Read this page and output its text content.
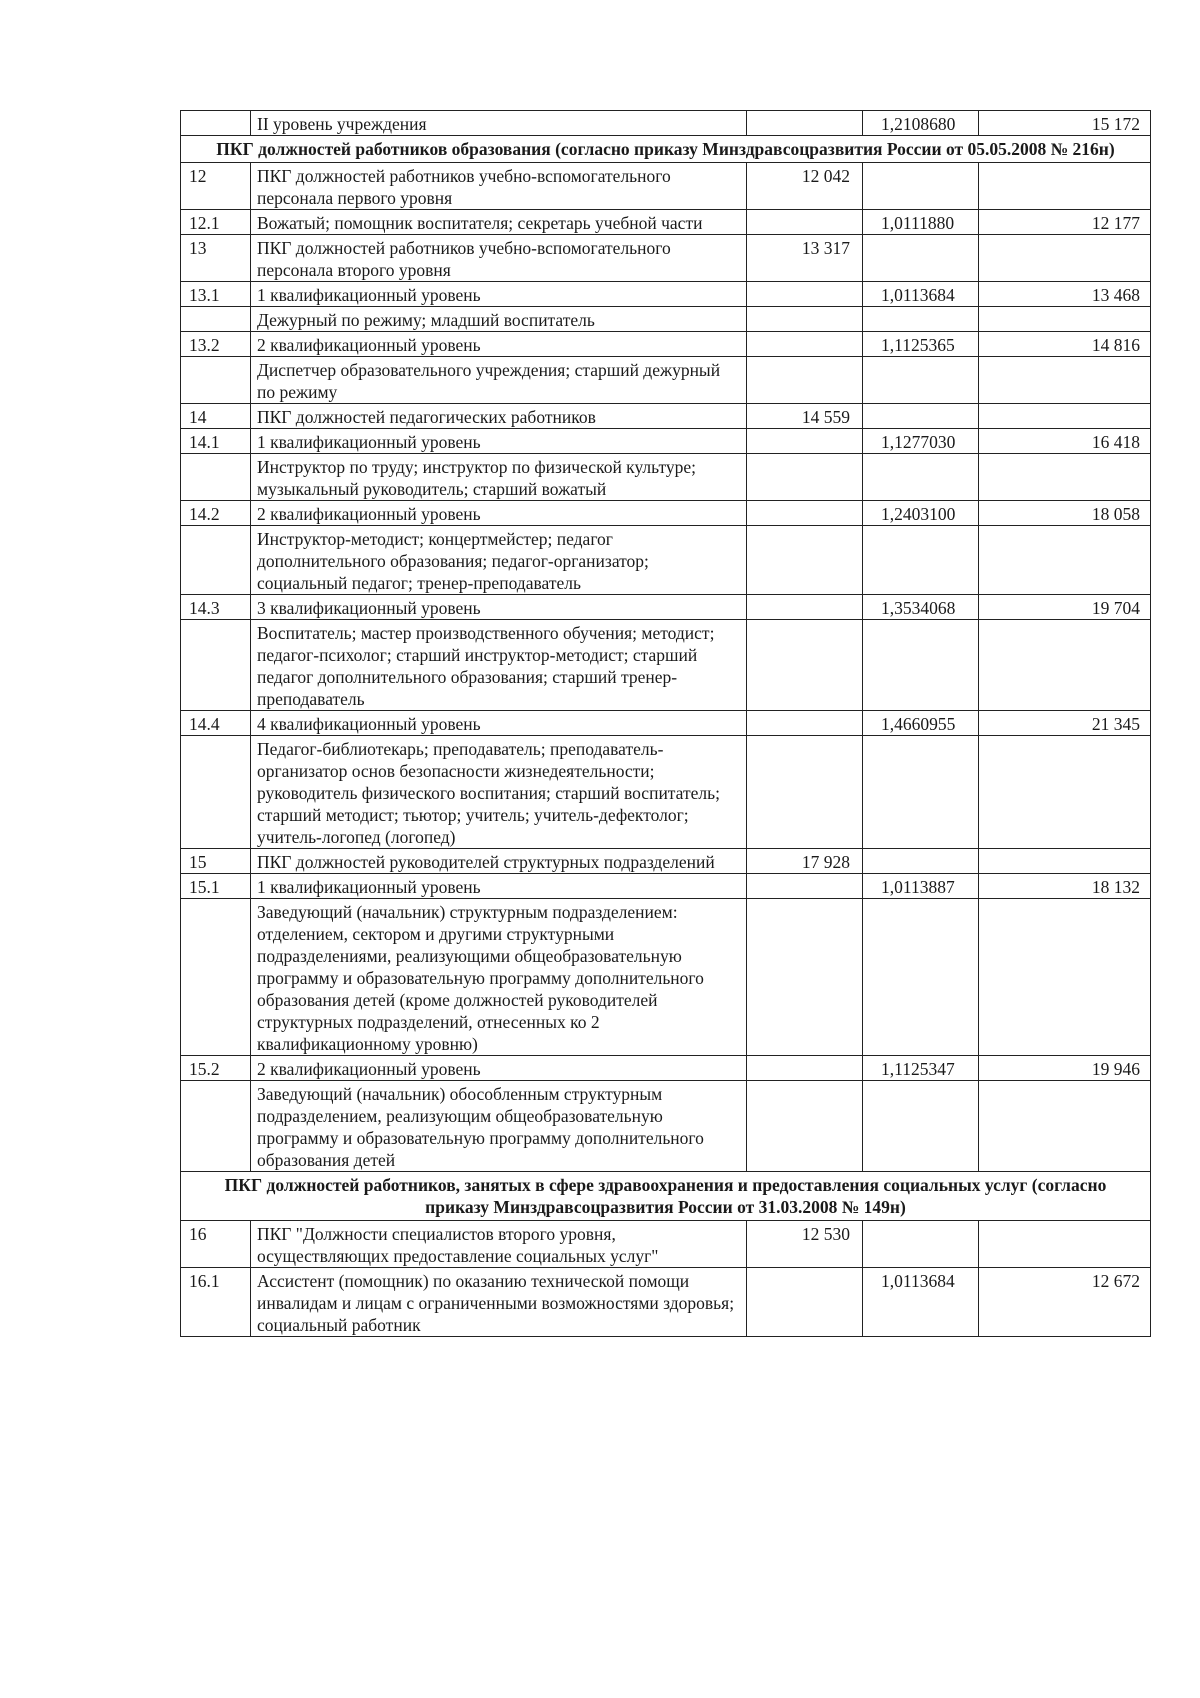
	II уровень учреждения		1,2108680	15 172
ПКГ должностей работников образования (согласно приказу Минздравсоцразвития России от 05.05.2008 № 216н)				
12	ПКГ должностей работников учебно-вспомогательного персонала первого уровня	12 042		
12.1	Вожатый; помощник воспитателя; секретарь учебной части		1,0111880	12 177
13	ПКГ должностей работников учебно-вспомогательного персонала второго уровня	13 317		
13.1	1 квалификационный уровень		1,0113684	13 468
	Дежурный по режиму; младший воспитатель			
13.2	2 квалификационный уровень		1,1125365	14 816
	Диспетчер образовательного учреждения; старший дежурный по режиму			
14	ПКГ должностей педагогических работников	14 559		
14.1	1 квалификационный уровень		1,1277030	16 418
	Инструктор по труду; инструктор по физической культуре; музыкальный руководитель; старший вожатый			
14.2	2 квалификационный уровень		1,2403100	18 058
	Инструктор-методист; концертмейстер; педагог дополнительного образования; педагог-организатор; социальный педагог; тренер-преподаватель			
14.3	3 квалификационный уровень		1,3534068	19 704
	Воспитатель; мастер производственного обучения; методист; педагог-психолог; старший инструктор-методист; старший педагог дополнительного образования; старший тренер-преподаватель			
14.4	4 квалификационный уровень		1,4660955	21 345
	Педагог-библиотекарь; преподаватель; преподаватель-организатор основ безопасности жизнедеятельности; руководитель физического воспитания; старший воспитатель; старший методист; тьютор; учитель; учитель-дефектолог; учитель-логопед (логопед)			
15	ПКГ должностей руководителей структурных подразделений	17 928		
15.1	1 квалификационный уровень		1,0113887	18 132
	Заведующий (начальник) структурным подразделением: отделением, сектором и другими структурными подразделениями, реализующими общеобразовательную программу и образовательную программу дополнительного образования детей (кроме должностей руководителей структурных подразделений, отнесенных ко 2 квалификационному уровню)			
15.2	2 квалификационный уровень		1,1125347	19 946
	Заведующий (начальник) обособленным структурным подразделением, реализующим общеобразовательную программу и образовательную программу дополнительного образования детей			
ПКГ должностей работников, занятых в сфере здравоохранения и предоставления социальных услуг (согласно приказу Минздравсоцразвития России от 31.03.2008 № 149н)				
16	ПКГ "Должности специалистов второго уровня, осуществляющих предоставление социальных услуг"	12 530		
16.1	Ассистент (помощник) по оказанию технической помощи инвалидам и лицам с ограниченными возможностями здоровья; социальный работник		1,0113684	12 672
